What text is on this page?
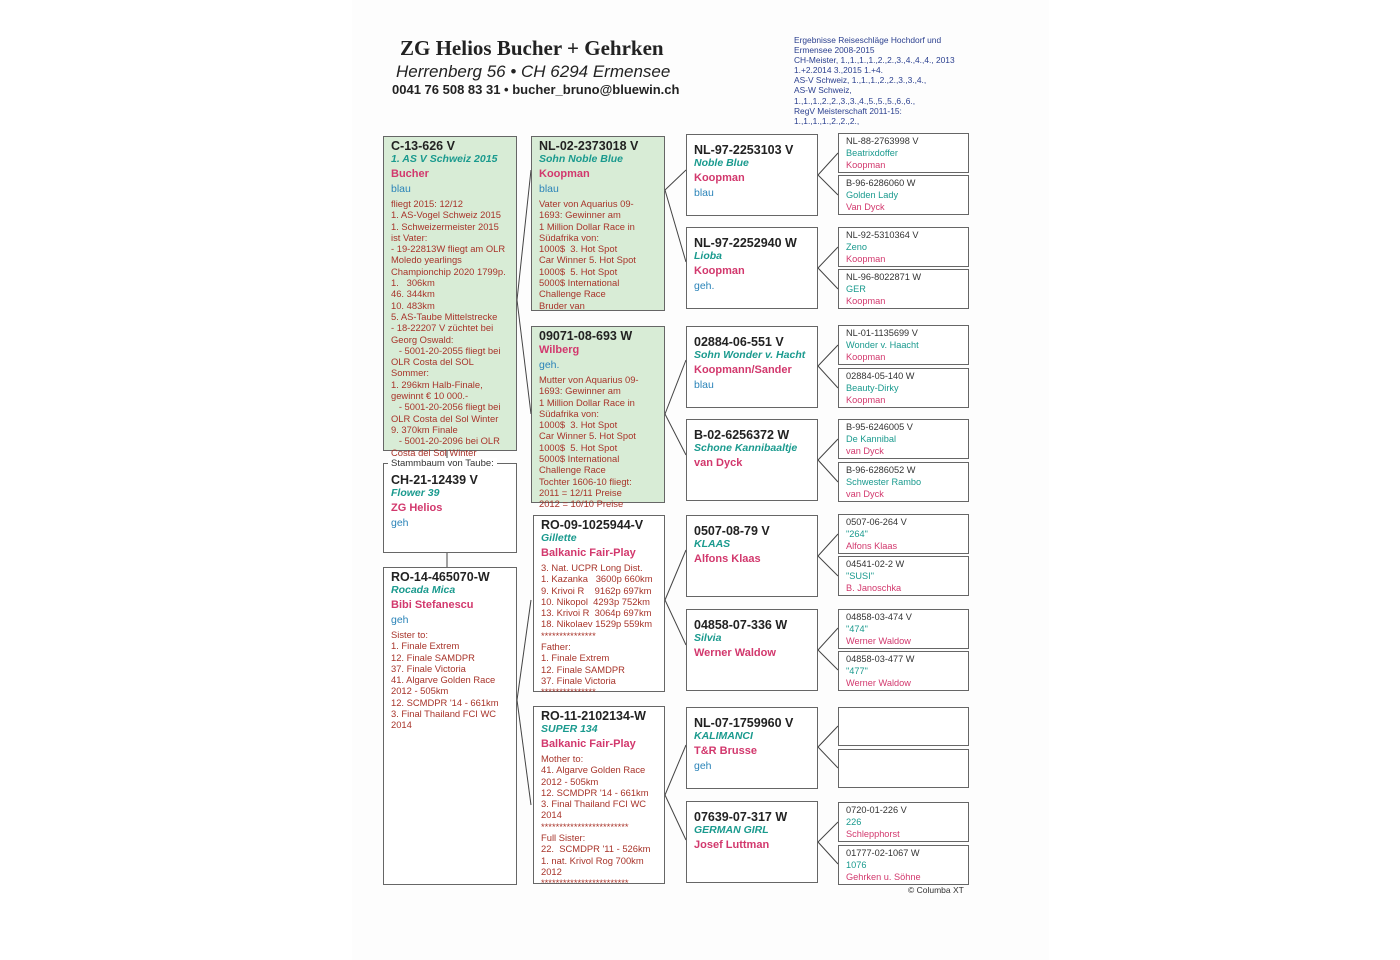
ZG Helios Bucher + Gehrken
Herrenberg 56 • CH 6294 Ermensee
0041 76 508 83 31 • bucher_bruno@bluewin.ch
Ergebnisse Reiseschläge Hochdorf und
Ermensee 2008-2015
CH-Meister, 1.,1.,1.,1.,2.,2.,3.,4.,4.,4., 2013
1.+2.2014 3.,2015 1.+4.
AS-V Schweiz, 1.,1.,1.,2.,2.,3.,3.,4.,
AS-W Schweiz,
1.,1.,1.,2.,2.,3.,3.,4.,5.,5.,5.,6.,6.,
RegV Meisterschaft 2011-15:
1.,1.,1.,1.,2.,2.,2.,
C-13-626 V
1. AS V Schweiz 2015
Bucher
blau
fliegt 2015: 12/12
1. AS-Vogel Schweiz 2015
1. Schweizermeister 2015
ist Vater:
- 19-22813W fliegt am OLR
Moledo yearlings
Championchip 2020 1799p.
1.   306km
46. 344km
10. 483km
5. AS-Taube Mittelstrecke
- 18-22207 V züchtet bei
Georg Oswald:
- 5001-20-2055 fliegt bei
OLR Costa del SOL
Sommer:
1. 296km Halb-Finale,
gewinnt € 10 000.-
- 5001-20-2056 fliegt bei
OLR Costa del Sol Winter
9. 370km Finale
- 5001-20-2096 bei OLR
Costa del Sol Winter
CH-21-12439 V
Flower 39
ZG Helios
geh
Stammbaum von Taube:
RO-14-465070-W
Rocada Mica
Bibi Stefanescu
geh
Sister to:
1. Finale Extrem
12. Finale SAMDPR
37. Finale Victoria
41. Algarve Golden Race
2012 - 505km
12. SCMDPR '14 - 661km
3. Final Thailand FCI WC
2014
NL-02-2373018 V
Sohn Noble Blue
Koopman
blau
Vater von Aquarius 09-
1693: Gewinner am
1 Million Dollar Race in
Südafrika von:
1000$  3. Hot Spot
Car Winner 5. Hot Spot
1000$  5. Hot Spot
5000$ International
Challenge Race
Bruder van
09071-08-693 W
Wilberg
geh.
Mutter von Aquarius 09-
1693: Gewinner am
1 Million Dollar Race in
Südafrika von:
1000$  3. Hot Spot
Car Winner 5. Hot Spot
1000$  5. Hot Spot
5000$ International
Challenge Race
Tochter 1606-10 fliegt:
2011 = 12/11 Preise
2012 = 10/10 Preise
RO-09-1025944-V
Gillette
Balkanic Fair-Play
3. Nat. UCPR Long Dist.
1. Kazanka   3600p 660km
9. Krivoi R    9162p 697km
10. Nikopol  4293p 752km
13. Krivoi R  3064p 697km
18. Nikolaev 1529p 559km
***************
Father:
1. Finale Extrem
12. Finale SAMDPR
37. Finale Victoria
***************
RO-11-2102134-W
SUPER 134
Balkanic Fair-Play
Mother to:
41. Algarve Golden Race
2012 - 505km
12. SCMDPR '14 - 661km
3. Final Thailand FCI WC
2014
************************
Full Sister:
22.  SCMDPR '11 - 526km
1. nat. Krivol Rog 700km
2012
************************
NL-97-2253103 V
Noble Blue
Koopman
blau
NL-97-2252940 W
Lioba
Koopman
geh.
02884-06-551 V
Sohn Wonder v. Hacht
Koopmann/Sander
blau
B-02-6256372 W
Schone Kannibaaltje
van Dyck
0507-08-79 V
KLAAS
Alfons Klaas
04858-07-336 W
Silvia
Werner Waldow
NL-07-1759960 V
KALIMANCI
T&R Brusse
geh
07639-07-317 W
GERMAN GIRL
Josef Luttman
NL-88-2763998 V
Beatrixdoffer
Koopman
B-96-6286060 W
Golden Lady
Van Dyck
NL-92-5310364 V
Zeno
Koopman
NL-96-8022871 W
GER
Koopman
NL-01-1135699 V
Wonder v. Haacht
Koopman
02884-05-140 W
Beauty-Dirky
Koopman
B-95-6246005 V
De Kannibal
van Dyck
B-96-6286052 W
Schwester Rambo
van Dyck
0507-06-264 V
"264"
Alfons Klaas
04541-02-2 W
"SUSI"
B. Janoschka
04858-03-474 V
"474"
Werner Waldow
04858-03-477 W
"477"
Werner Waldow
0720-01-226 V
226
Schlepphorst
01777-02-1067 W
1076
Gehrken u. Söhne
© Columba XT
